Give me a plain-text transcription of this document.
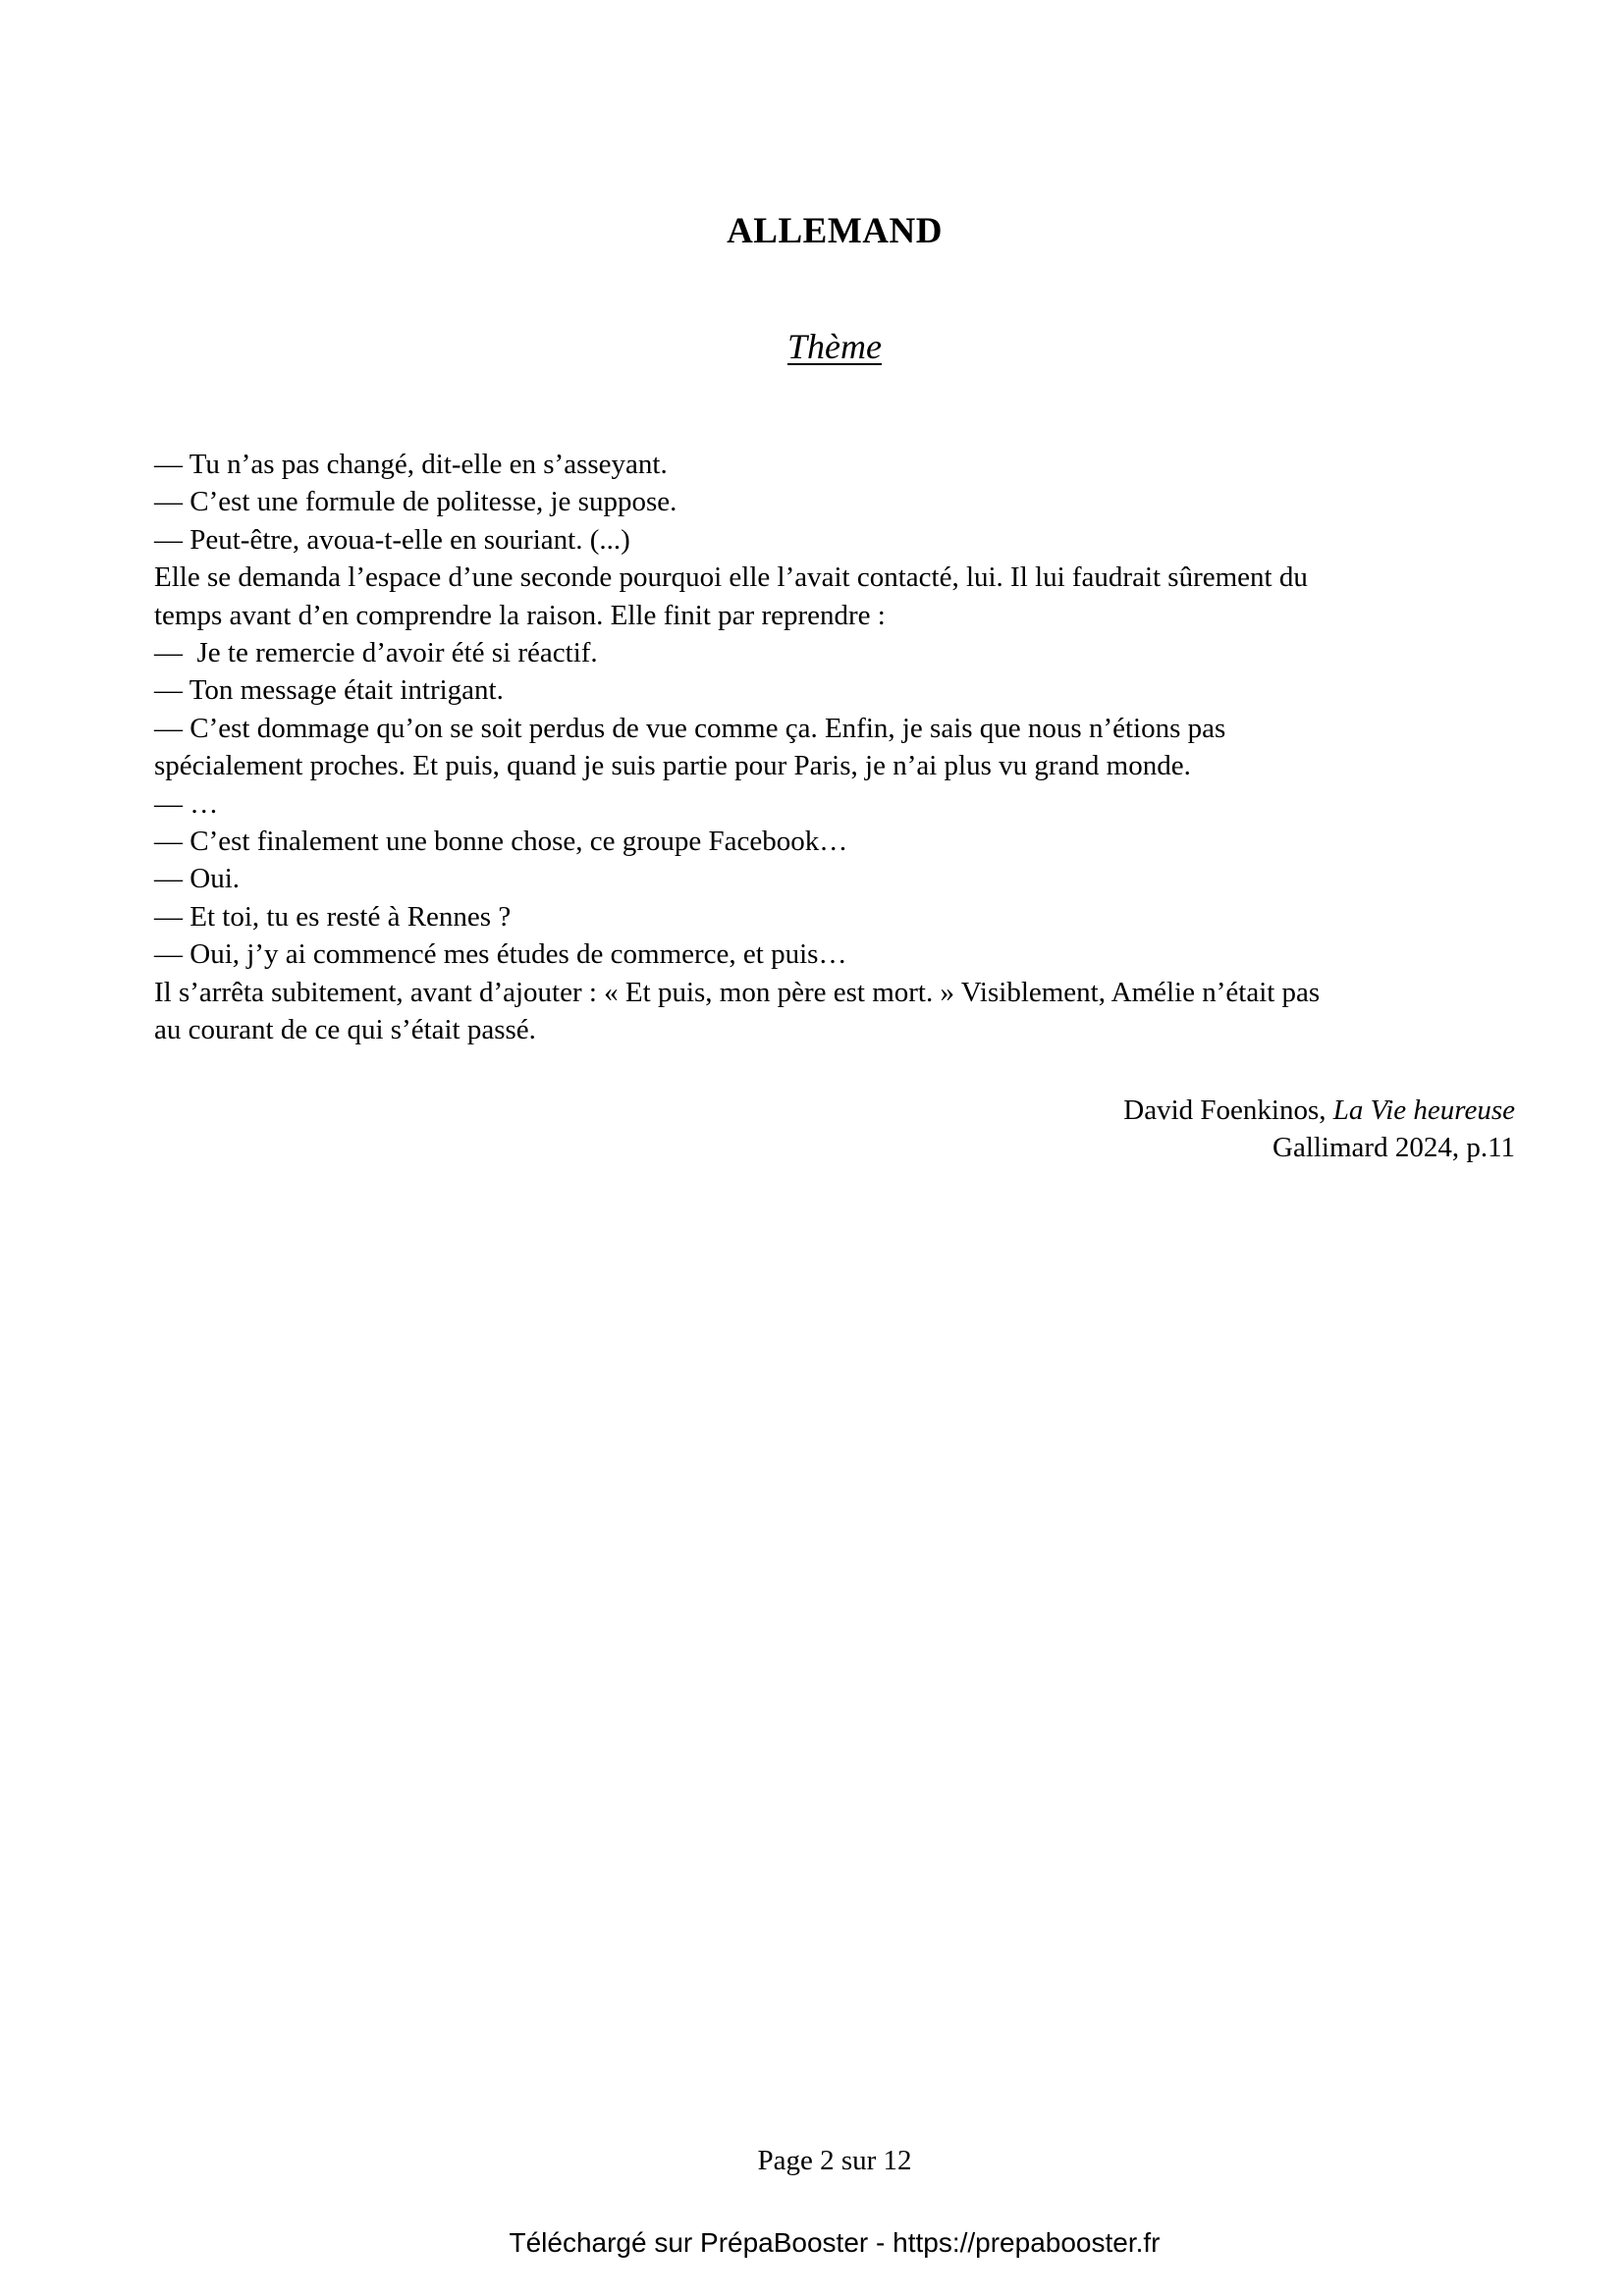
ALLEMAND
Thème
— Tu n’as pas changé, dit-elle en s’asseyant.
— C’est une formule de politesse, je suppose.
— Peut-être, avoua-t-elle en souriant. (...)
Elle se demanda l’espace d’une seconde pourquoi elle l’avait contacté, lui. Il lui faudrait sûrement du
temps avant d’en comprendre la raison. Elle finit par reprendre :
—  Je te remercie d’avoir été si réactif.
— Ton message était intrigant.
— C’est dommage qu’on se soit perdus de vue comme ça. Enfin, je sais que nous n’étions pas
spécialement proches. Et puis, quand je suis partie pour Paris, je n’ai plus vu grand monde.
— …
— C’est finalement une bonne chose, ce groupe Facebook…
— Oui.
— Et toi, tu es resté à Rennes ?
— Oui, j’y ai commencé mes études de commerce, et puis…
Il s’arrêta subitement, avant d’ajouter : « Et puis, mon père est mort. » Visiblement, Amélie n’était pas
au courant de ce qui s’était passé.
David Foenkinos, La Vie heureuse
Gallimard 2024, p.11
Page 2 sur 12
Téléchargé sur PrépaBooster - https://prepabooster.fr
